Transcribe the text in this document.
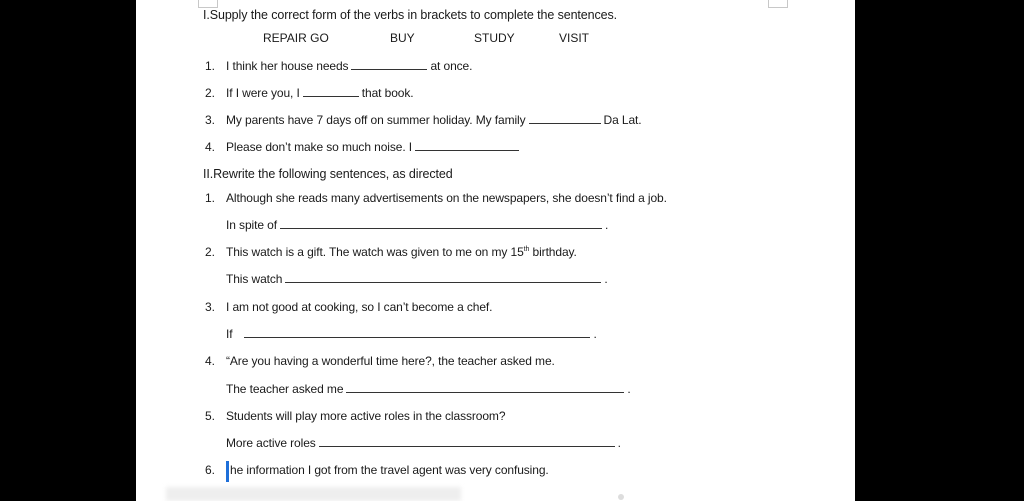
I.Supply the correct form of the verbs in brackets to complete the sentences.
REPAIR GO	BUY	STUDY	VISIT
1. I think her house needs	at once.
2. If I were you, I	that book.
3. My parents have 7 days off on summer holiday. My family	Da Lat.
4. Please don’t make so much noise. I
II.Rewrite the following sentences, as directed
1. Although she reads many advertisements on the newspapers, she doesn’t find a job.
In spite of	.
2. This watch is a gift. The watch was given to me on my 15th birthday.
This watch	.
3. I am not good at cooking, so I can’t become a chef.
If	.
4. “Are you having a wonderful time here?, the teacher asked me.
The teacher asked me	.
5. Students will play more active roles in the classroom?
More active roles	.
6. he information I got from the travel agent was very confusing.
